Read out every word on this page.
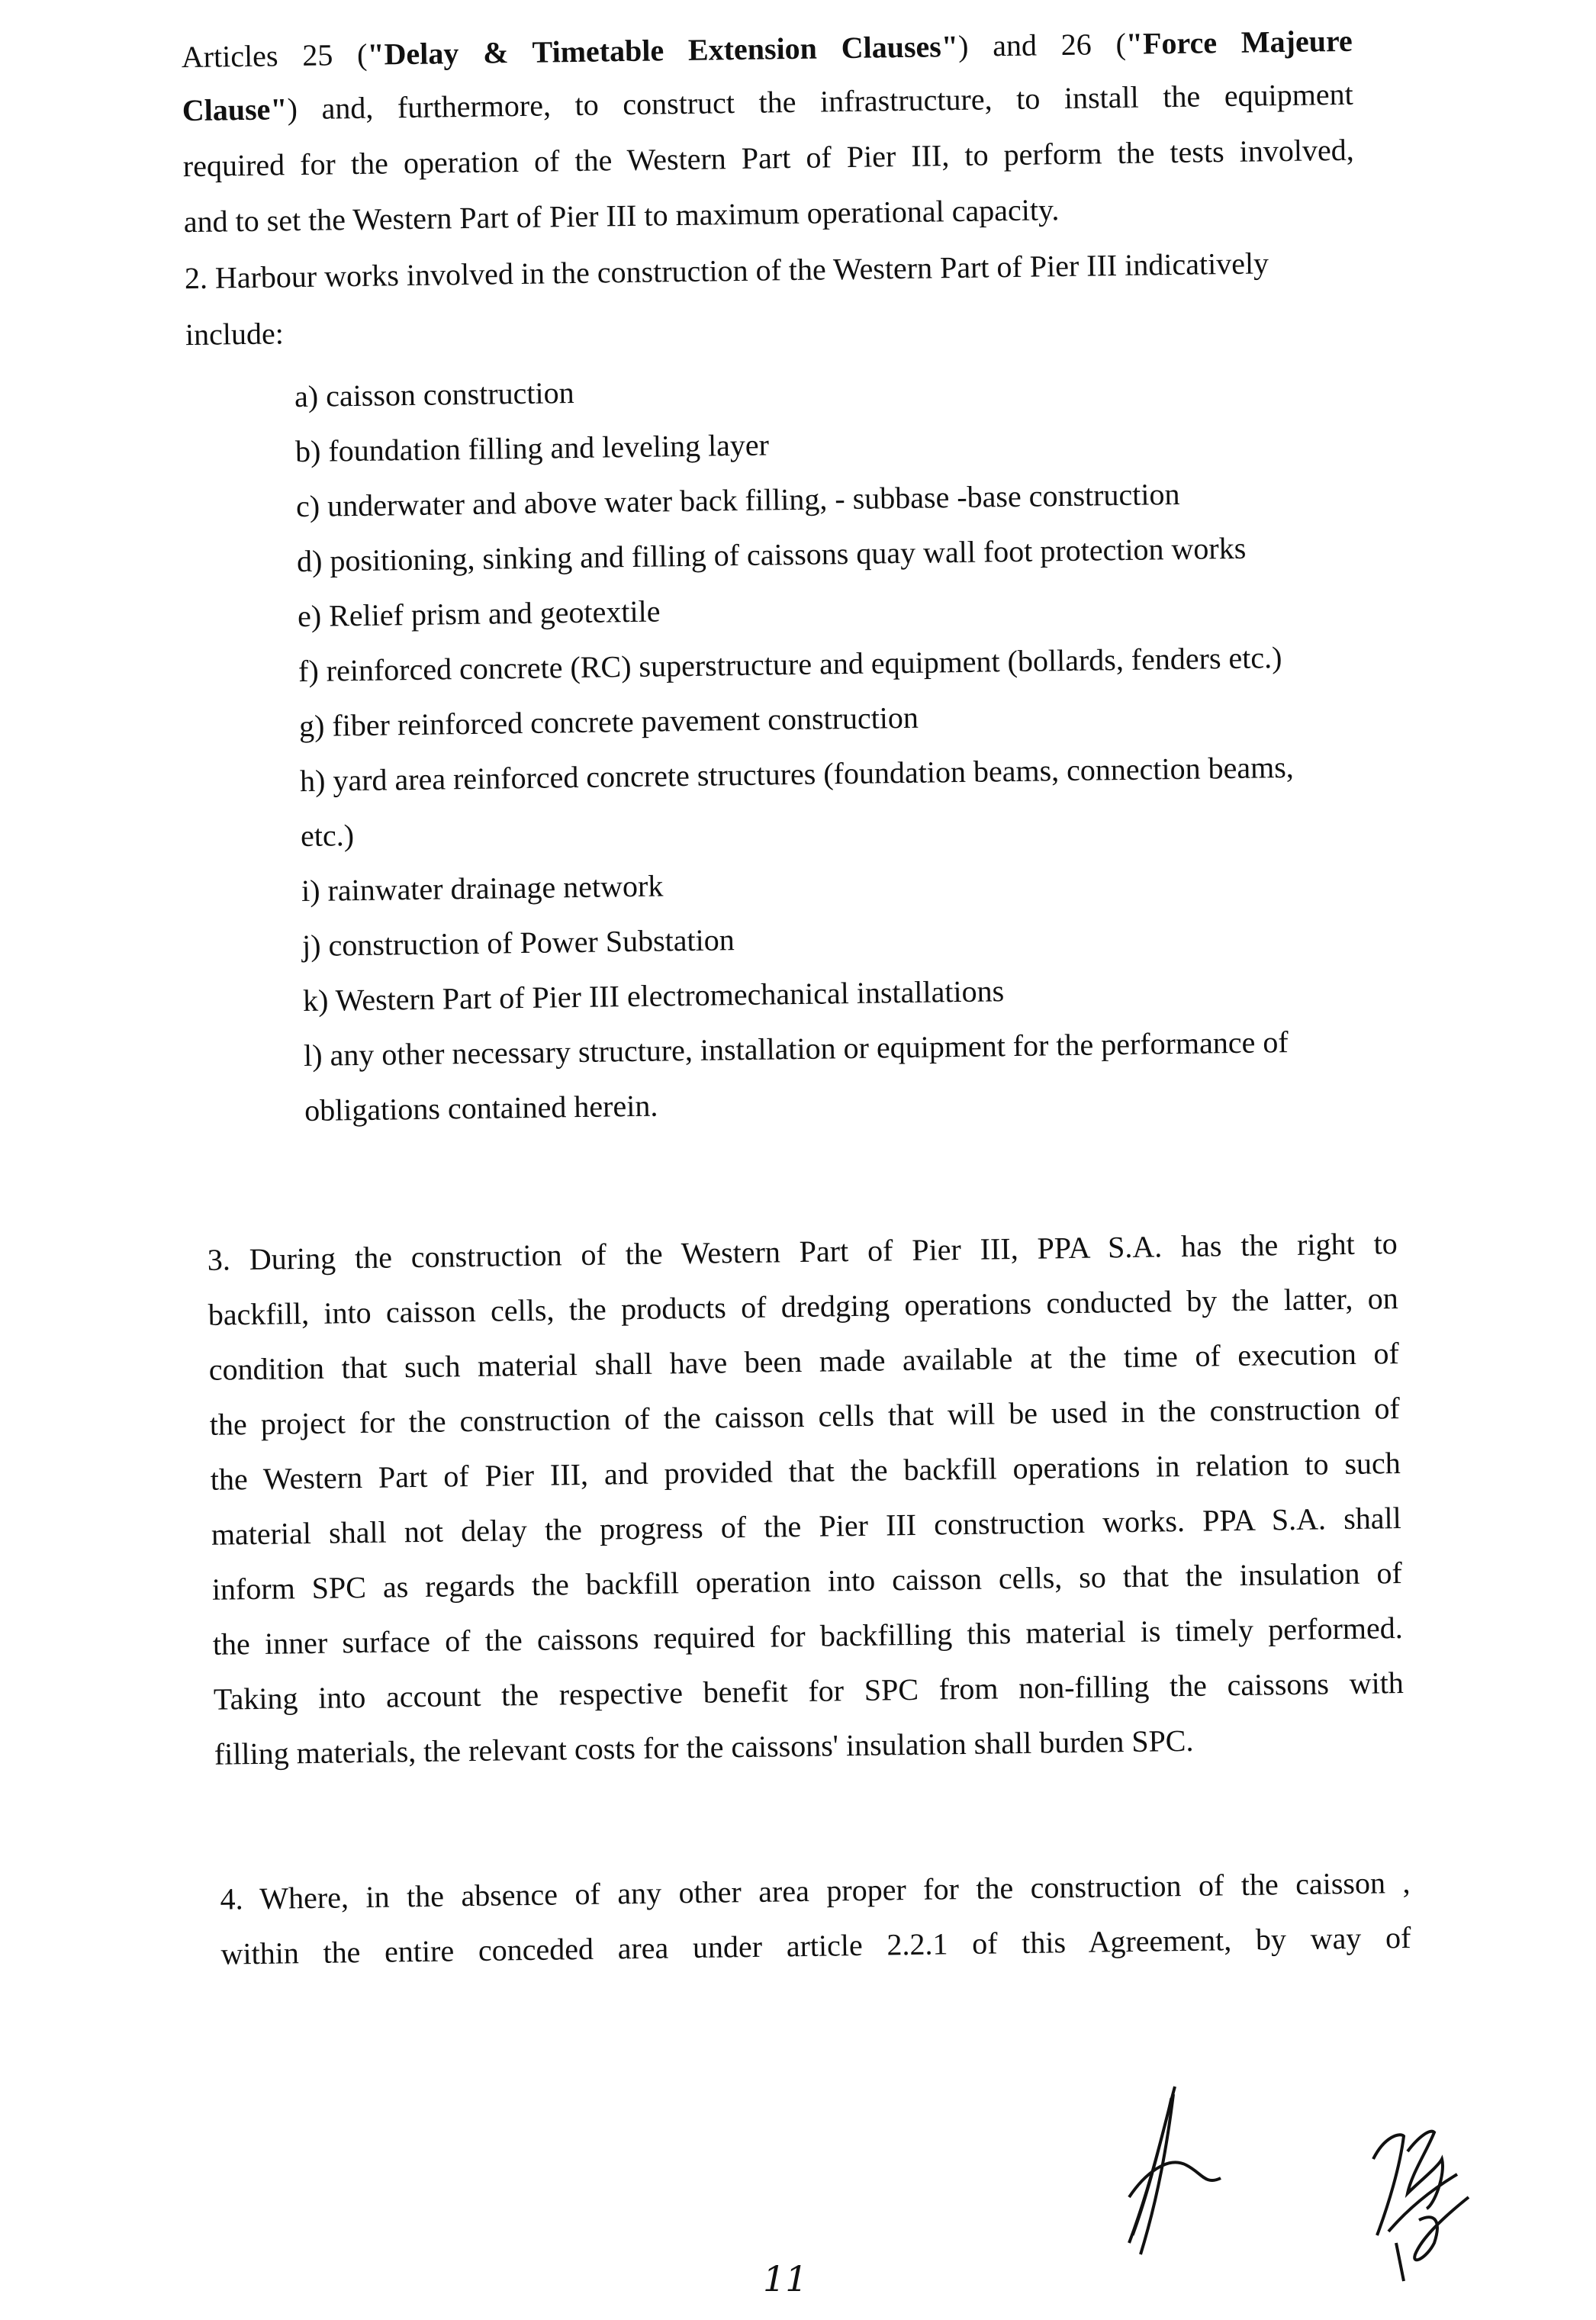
Articles 25 ("Delay & Timetable Extension Clauses") and 26 ("Force Majeure
Clause") and, furthermore, to construct the infrastructure, to install the equipment
required for the operation of the Western Part of Pier III, to perform the tests involved,
and to set the Western Part of Pier III to maximum operational capacity.
2. Harbour works involved in the construction of the Western Part of Pier III indicatively
include:
a) caisson construction
b) foundation filling and leveling layer
c) underwater and above water back filling, - subbase -base construction
d) positioning, sinking and filling of caissons quay wall foot protection works
e) Relief prism and geotextile
f) reinforced concrete (RC) superstructure and equipment (bollards, fenders etc.)
g) fiber reinforced concrete pavement construction
h) yard area reinforced concrete structures (foundation beams, connection beams,
etc.)
i) rainwater drainage network
j) construction of Power Substation
k) Western Part of Pier III electromechanical installations
l) any other necessary structure, installation or equipment for the performance of
obligations contained herein.
3. During the construction of the Western Part of Pier III, PPA S.A. has the right to
backfill, into caisson cells, the products of dredging operations conducted by the latter, on
condition that such material shall have been made available at the time of execution of
the project for the construction of the caisson cells that will be used in the construction of
the Western Part of Pier III, and provided that the backfill operations in relation to such
material shall not delay the progress of the Pier III construction works. PPA S.A. shall
inform SPC as regards the backfill operation into caisson cells, so that the insulation of
the inner surface of the caissons required for backfilling this material is timely performed.
Taking into account the respective benefit for SPC from non-filling the caissons with
filling materials, the relevant costs for the caissons' insulation shall burden SPC.
4. Where, in the absence of any other area proper for the construction of the caisson ,
within the entire conceded area under article 2.2.1 of this Agreement, by way of
11
